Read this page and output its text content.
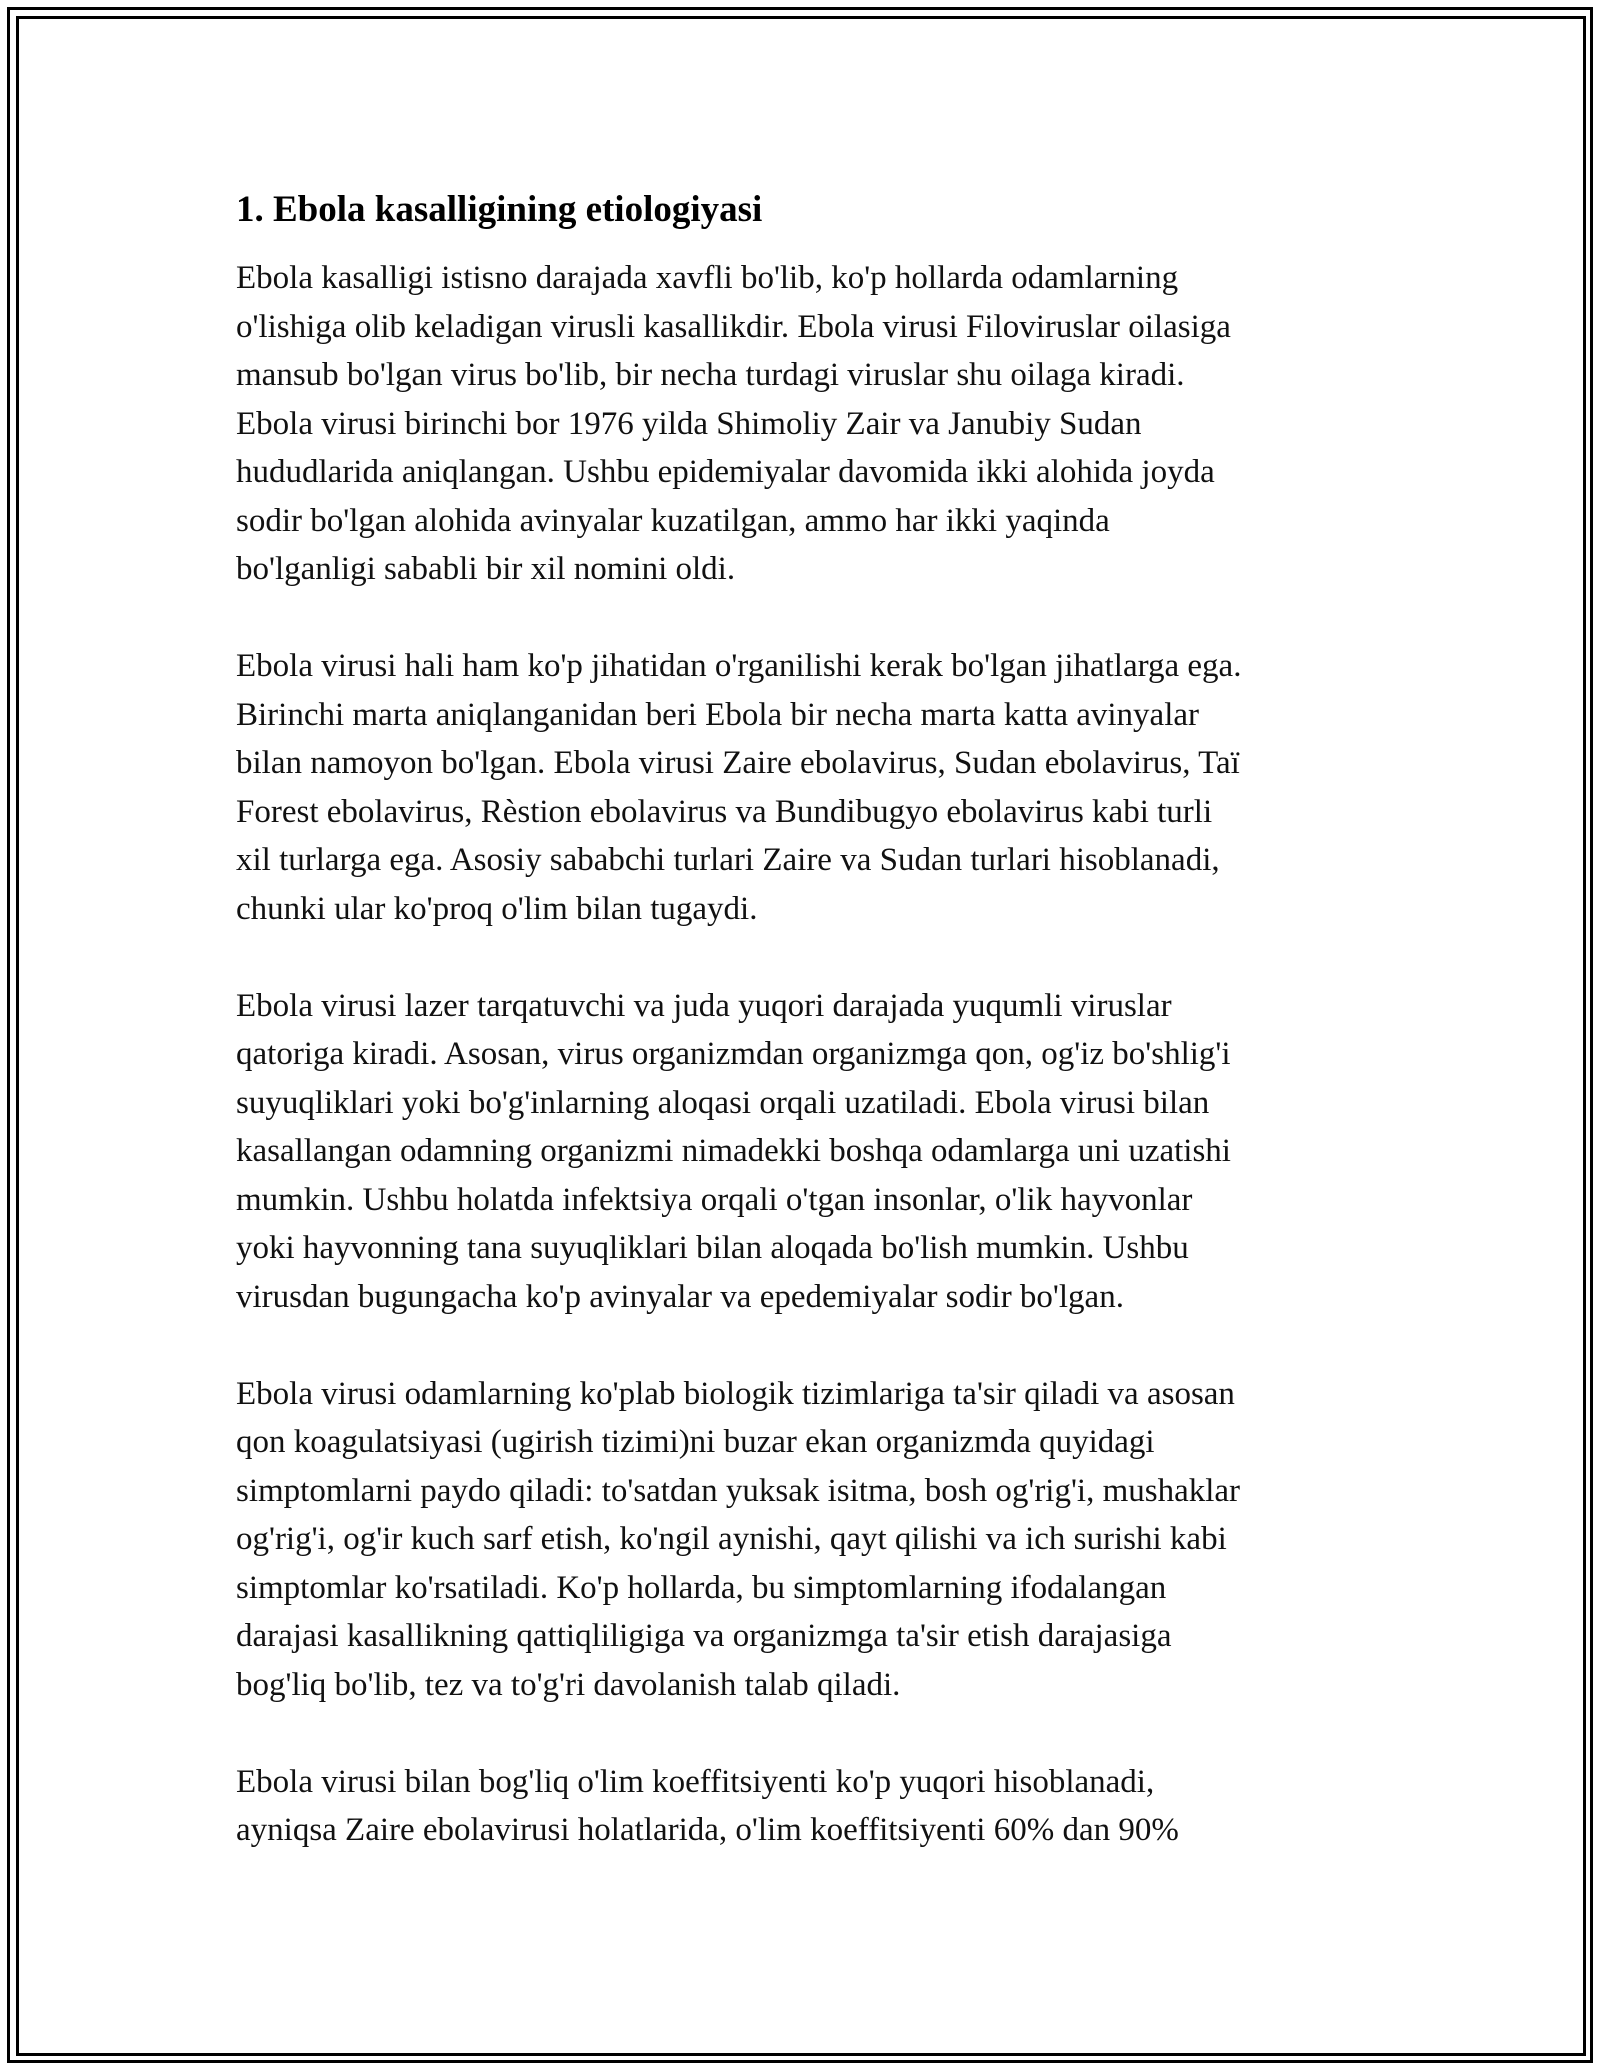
1. Ebola kasalligining etiologiyasi
Ebola kasalligi istisno darajada xavfli bo'lib, ko'p hollarda odamlarning
o'lishiga olib keladigan virusli kasallikdir. Ebola virusi Filoviruslar oilasiga
mansub bo'lgan virus bo'lib, bir necha turdagi viruslar shu oilaga kiradi.
Ebola virusi birinchi bor 1976 yilda Shimoliy Zair va Janubiy Sudan
hududlarida aniqlangan. Ushbu epidemiyalar davomida ikki alohida joyda
sodir bo'lgan alohida avinyalar kuzatilgan, ammo har ikki yaqinda
bo'lganligi sababli bir xil nomini oldi.
Ebola virusi hali ham ko'p jihatidan o'rganilishi kerak bo'lgan jihatlarga ega.
Birinchi marta aniqlanganidan beri Ebola bir necha marta katta avinyalar
bilan namoyon bo'lgan. Ebola virusi Zaire ebolavirus, Sudan ebolavirus, Taï
Forest ebolavirus, Rèstion ebolavirus va Bundibugyo ebolavirus kabi turli
xil turlarga ega. Asosiy sababchi turlari Zaire va Sudan turlari hisoblanadi,
chunki ular ko'proq o'lim bilan tugaydi.
Ebola virusi lazer tarqatuvchi va juda yuqori darajada yuqumli viruslar
qatoriga kiradi. Asosan, virus organizmdan organizmga qon, og'iz bo'shlig'i
suyuqliklari yoki bo'g'inlarning aloqasi orqali uzatiladi. Ebola virusi bilan
kasallangan odamning organizmi nimadekki boshqa odamlarga uni uzatishi
mumkin. Ushbu holatda infektsiya orqali o'tgan insonlar, o'lik hayvonlar
yoki hayvonning tana suyuqliklari bilan aloqada bo'lish mumkin. Ushbu
virusdan bugungacha ko'p avinyalar va epedemiyalar sodir bo'lgan.
Ebola virusi odamlarning ko'plab biologik tizimlariga ta'sir qiladi va asosan
qon koagulatsiyasi (ugirish tizimi)ni buzar ekan organizmda quyidagi
simptomlarni paydo qiladi: to'satdan yuksak isitma, bosh og'rig'i, mushaklar
og'rig'i, og'ir kuch sarf etish, ko'ngil aynishi, qayt qilishi va ich surishi kabi
simptomlar ko'rsatiladi. Ko'p hollarda, bu simptomlarning ifodalangan
darajasi kasallikning qattiqliligiga va organizmga ta'sir etish darajasiga
bog'liq bo'lib, tez va to'g'ri davolanish talab qiladi.
Ebola virusi bilan bog'liq o'lim koeffitsiyenti ko'p yuqori hisoblanadi,
ayniqsa Zaire ebolavirusi holatlarida, o'lim koeffitsiyenti 60% dan 90%
